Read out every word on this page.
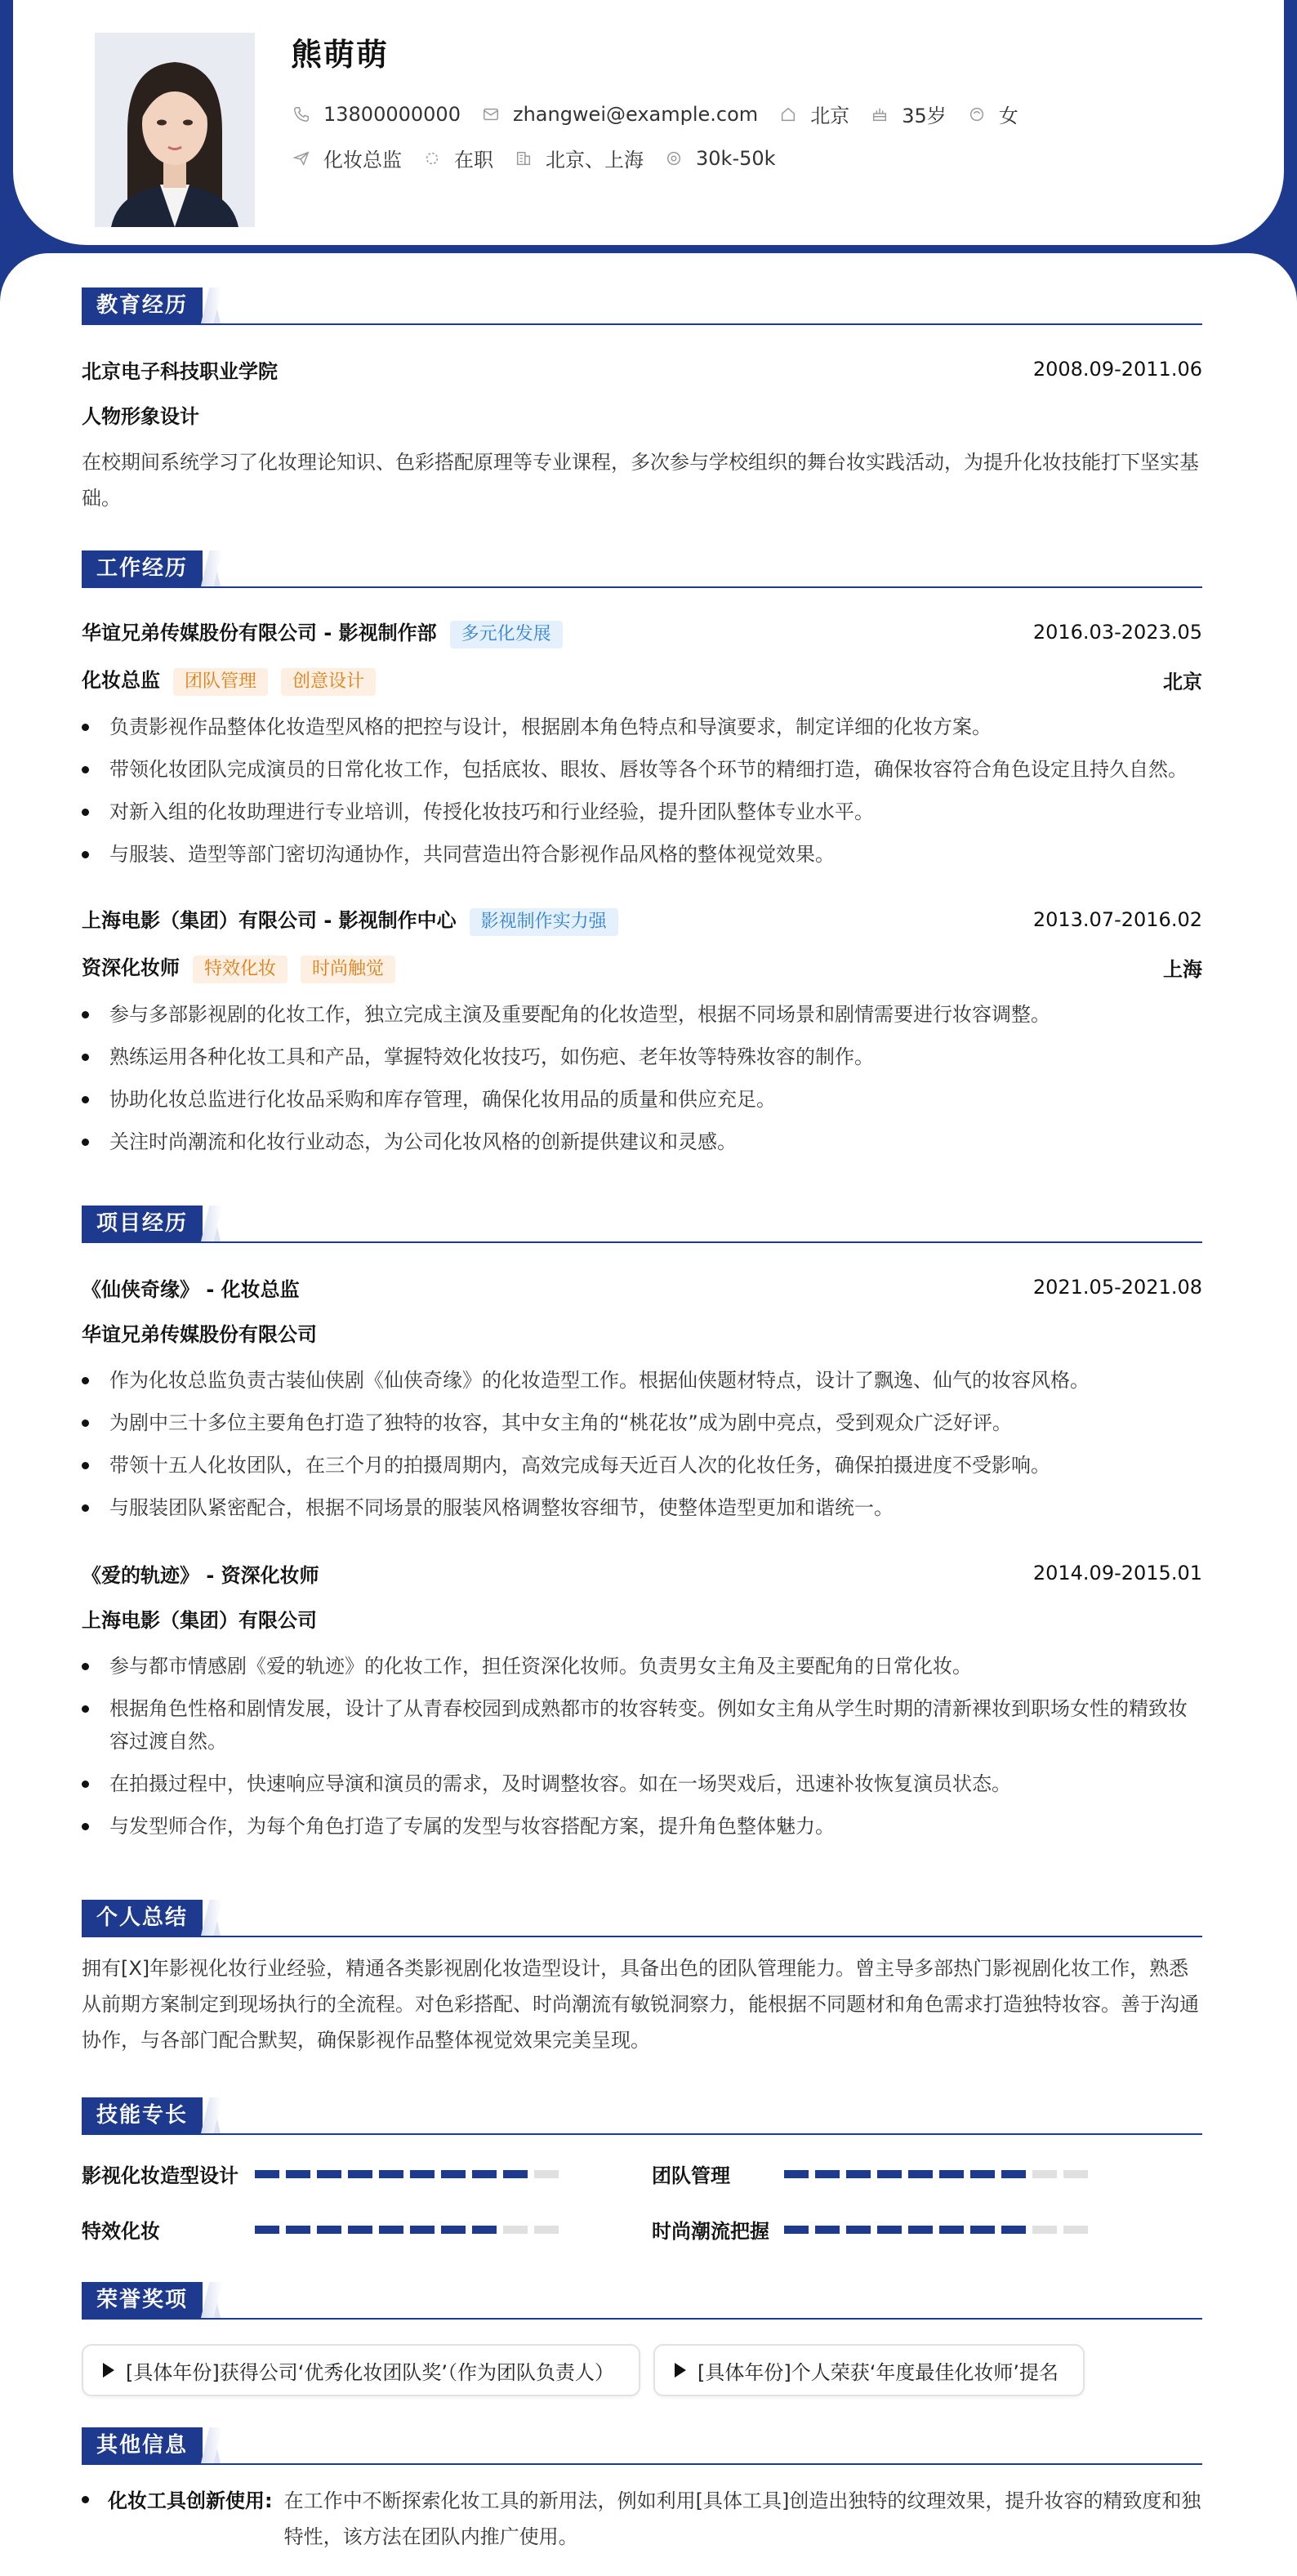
熊萌萌
13800000000	zhangwei@example.com	北京	35岁	女
化妆总监	在职	北京、上海	30k-50k
教育经历
北京电子科技职业学院	2008.09-2011.06
人物形象设计
在校期间系统学习了化妆理论知识、色彩搭配原理等专业课程，多次参与学校组织的舞台妆实践活动，为提升化妆技能打下坚实基础。
工作经历
华谊兄弟传媒股份有限公司 - 影视制作部 多元化发展	2016.03-2023.05
化妆总监 团队管理 创意设计	北京
负责影视作品整体化妆造型风格的把控与设计，根据剧本角色特点和导演要求，制定详细的化妆方案。
带领化妆团队完成演员的日常化妆工作，包括底妆、眼妆、唇妆等各个环节的精细打造，确保妆容符合角色设定且持久自然。
对新入组的化妆助理进行专业培训，传授化妆技巧和行业经验，提升团队整体专业水平。
与服装、造型等部门密切沟通协作，共同营造出符合影视作品风格的整体视觉效果。
上海电影（集团）有限公司 - 影视制作中心 影视制作实力强	2013.07-2016.02
资深化妆师 特效化妆 时尚触觉	上海
参与多部影视剧的化妆工作，独立完成主演及重要配角的化妆造型，根据不同场景和剧情需要进行妆容调整。
熟练运用各种化妆工具和产品，掌握特效化妆技巧，如伤疤、老年妆等特殊妆容的制作。
协助化妆总监进行化妆品采购和库存管理，确保化妆用品的质量和供应充足。
关注时尚潮流和化妆行业动态，为公司化妆风格的创新提供建议和灵感。
项目经历
《仙侠奇缘》 - 化妆总监	2021.05-2021.08
华谊兄弟传媒股份有限公司
作为化妆总监负责古装仙侠剧《仙侠奇缘》的化妆造型工作。根据仙侠题材特点，设计了飘逸、仙气的妆容风格。
为剧中三十多位主要角色打造了独特的妆容，其中女主角的“桃花妆”成为剧中亮点，受到观众广泛好评。
带领十五人化妆团队，在三个月的拍摄周期内，高效完成每天近百人次的化妆任务，确保拍摄进度不受影响。
与服装团队紧密配合，根据不同场景的服装风格调整妆容细节，使整体造型更加和谐统一。
《爱的轨迹》 - 资深化妆师	2014.09-2015.01
上海电影（集团）有限公司
参与都市情感剧《爱的轨迹》的化妆工作，担任资深化妆师。负责男女主角及主要配角的日常化妆。
根据角色性格和剧情发展，设计了从青春校园到成熟都市的妆容转变。例如女主角从学生时期的清新裸妆到职场女性的精致妆容过渡自然。
在拍摄过程中，快速响应导演和演员的需求，及时调整妆容。如在一场哭戏后，迅速补妆恢复演员状态。
与发型师合作，为每个角色打造了专属的发型与妆容搭配方案，提升角色整体魅力。
个人总结
拥有[X]年影视化妆行业经验，精通各类影视剧化妆造型设计，具备出色的团队管理能力。曾主导多部热门影视剧化妆工作，熟悉从前期方案制定到现场执行的全流程。对色彩搭配、时尚潮流有敏锐洞察力，能根据不同题材和角色需求打造独特妆容。善于沟通协作，与各部门配合默契，确保影视作品整体视觉效果完美呈现。
技能专长
影视化妆造型设计	团队管理
特效化妆	时尚潮流把握
荣誉奖项
[具体年份]获得公司‘优秀化妆团队奖’（作为团队负责人）	[具体年份]个人荣获‘年度最佳化妆师’提名
其他信息
化妆工具创新使用: 在工作中不断探索化妆工具的新用法，例如利用[具体工具]创造出独特的纹理效果，提升妆容的精致度和独特性，该方法在团队内推广使用。
